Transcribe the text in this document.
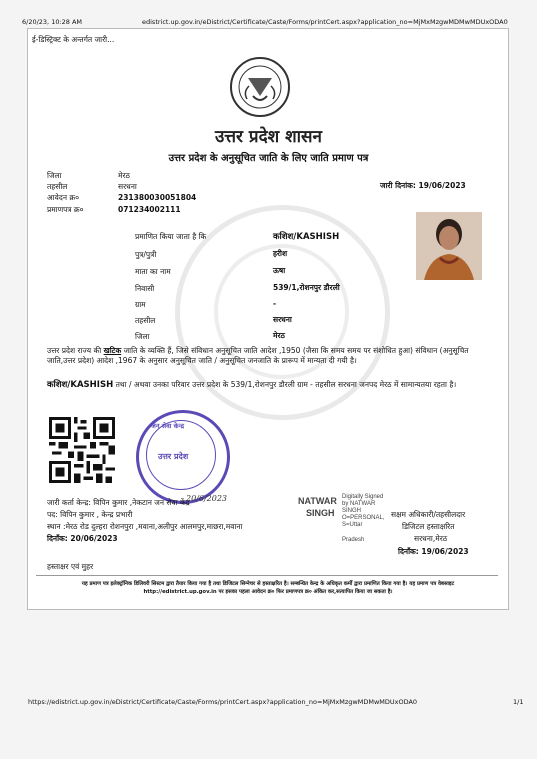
6/20/23, 10:28 AM	edistrict.up.gov.in/eDistrict/Certificate/Caste/Forms/printCert.aspx?application_no=MjMxMzgwMDMwMDUxODA0
ई-डिस्ट्रिक्ट के अन्तर्गत जारी...
उत्तर प्रदेश शासन
उत्तर प्रदेश के अनुसूचित जाति के लिए जाति प्रमाण पत्र
जिला	मेरठ
तहसील	सरधना
आवेदन क्र०	231380030051804
प्रमाणपत्र क्र०	071234002111
जारी दिनांक: 19/06/2023
प्रमाणित किया जाता है कि	कशिश/KASHISH
पुत्र/पुत्री	हरीश
माता का नाम	ऊषा
निवासी	539/1,रोशनपुर डौरली
ग्राम	-
तहसील	सरधना
जिला	मेरठ
उत्तर प्रदेश राज्य की खटिक जाति के व्यक्ति हैं, जिसे संविधान अनुसूचित जाति आदेश ,1950 (जैसा कि समय समय पर संशोधित हुआ) संविधान (अनुसूचित जाति,उत्तर प्रदेश) आदेश ,1967 के अनुसार अनुसूचित जाति / अनुसूचित जनजाति के प्रारूप में मान्यता दी गयी है।
कशिश/KASHISH तथा / अथवा उनका परिवार उत्तर प्रदेश के 539/1,रोशनपुर डौरली ग्राम - तहसील सरधना जनपद मेरठ में सामान्यतया रहता है।
जन सेवा केन्द्र
उत्तर प्रदेश
20/6/2023
जारी कर्ता केन्द्र: विपिन कुमार ,नेकटान जन सेवा केंद्र
पद: विपिन कुमार , केन्द्र प्रभारी
स्थान :मेरठ रोड दुल्हरा रोशनपुरा ,मवाना,अलीपुर आलमपुर,माछरा,मवाना
दिनाँक: 20/06/2023
NATWAR
SINGH
Digitally Signed
by NATWAR
SINGH
O=PERSONAL,
S=Uttar
Pradesh
सक्षम अधिकारी/तहसीलदार
डिजिटल हस्ताक्षरित
सरधना,मेरठ
दिनाँक: 19/06/2023
हस्ताक्षर एवं मुहर
यह प्रमाण पत्र इलेक्ट्रॉनिक डिलिवरी सिस्टम द्वारा तैयार किया गया है तथा डिजिटल सिग्नेचर से हस्ताक्षरित है। सम्बन्धित केन्द्र के अधिकृत कर्मी द्वारा प्रमाणित किया गया है। यह प्रमाण पत्र वेबसाइट http://edistrict.up.gov.in पर इसका पहला आवेदन क्र० फिर प्रमाणपत्र क्र० अंकित कर,सत्यापित किया जा सकता है।
https://edistrict.up.gov.in/eDistrict/Certificate/Caste/Forms/printCert.aspx?application_no=MjMxMzgwMDMwMDUxODA0	1/1
